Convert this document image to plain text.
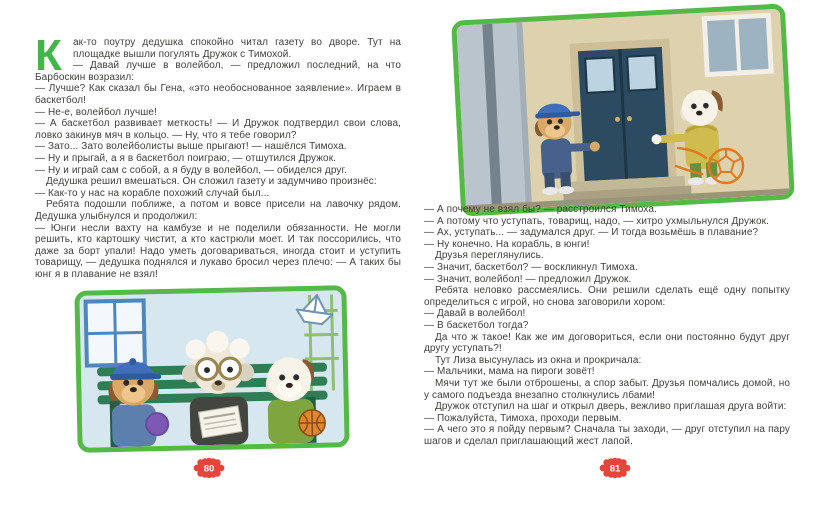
К	ак-то поутру дедушка спокойно читал газету во дворе. Тут на площадке вышли погулять Дружок с Тимохой.

— Давай лучше в волейбол, — предложил последний, на что Барбоскин возразил:

— Лучше? Как сказал бы Гена, «это необоснованное заявление». Играем в баскетбол!

— Не-е, волейбол лучше!

— А баскетбол развивает меткость! — И Дружок подтвердил свои слова, ловко закинув мяч в кольцо. — Ну, что я тебе говорил?

— Зато... Зато волейболисты выше прыгают! — нашёлся Тимоха.

— Ну и прыгай, а я в баскетбол поиграю, — отшутился Дружок.

— Ну и играй сам с собой, а я буду в волейбол, — обиделся друг.

Дедушка решил вмешаться. Он сложил газету и задумчиво произнёс:

— Как-то у нас на корабле похожий случай был...

Ребята подошли поближе, а потом и вовсе присели на лавочку рядом. Дедушка улыбнулся и продолжил:

— Юнги несли вахту на камбузе и не поделили обязанности. Не могли решить, кто картошку чистит, а кто кастрюли моет. И так поссорились, что даже за борт упали! Надо уметь договариваться, иногда стоит и уступить товарищу, — дедушка поднялся и лукаво бросил через плечо: — А таких бы юнг я в плавание не взял!

— А почему не взял бы? — расстроился Тимоха.

— А потому что уступать, товарищ, надо, — хитро ухмыльнулся Дружок.

— Ах, уступать... — задумался друг. — И тогда возьмёшь в плавание?

— Ну конечно. На корабль, в юнги!

Друзья переглянулись.

— Значит, баскетбол? — воскликнул Тимоха.

— Значит, волейбол! — предложил Дружок.

Ребята неловко рассмеялись. Они решили сделать ещё одну попытку определиться с игрой, но снова заговорили хором:

— Давай в волейбол!

— В баскетбол тогда?

Да что ж такое! Как же им договориться, если они постоянно будут друг другу уступать?!

Тут Лиза высунулась из окна и прокричала:

— Мальчики, мама на пироги зовёт!

Мячи тут же были отброшены, а спор забыт. Друзья помчались домой, но у самого подъезда внезапно столкнулись лбами!

Дружок отступил на шаг и открыл дверь, вежливо приглашая друга войти:

— Пожалуйста, Тимоха, проходи первым.

— А чего это я пойду первым? Сначала ты заходи, — друг отступил на пару шагов и сделал приглашающий жест лапой.

80	81
